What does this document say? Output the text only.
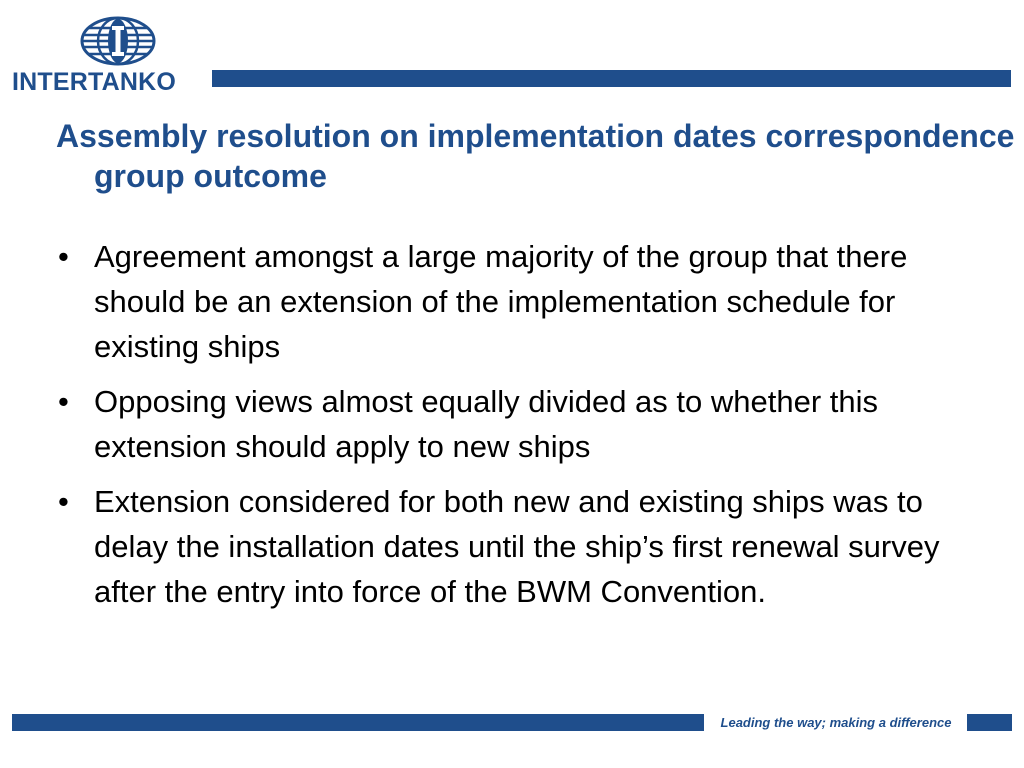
INTERTANKO
Assembly resolution on implementation dates correspondence group outcome
• Agreement amongst a large majority of the group that there should be an extension of the implementation schedule for existing ships
• Opposing views almost equally divided as to whether this extension should apply to new ships
• Extension considered for both new and existing ships was to delay the installation dates until the ship’s first renewal survey after the entry into force of the BWM Convention.
Leading the way; making a difference
